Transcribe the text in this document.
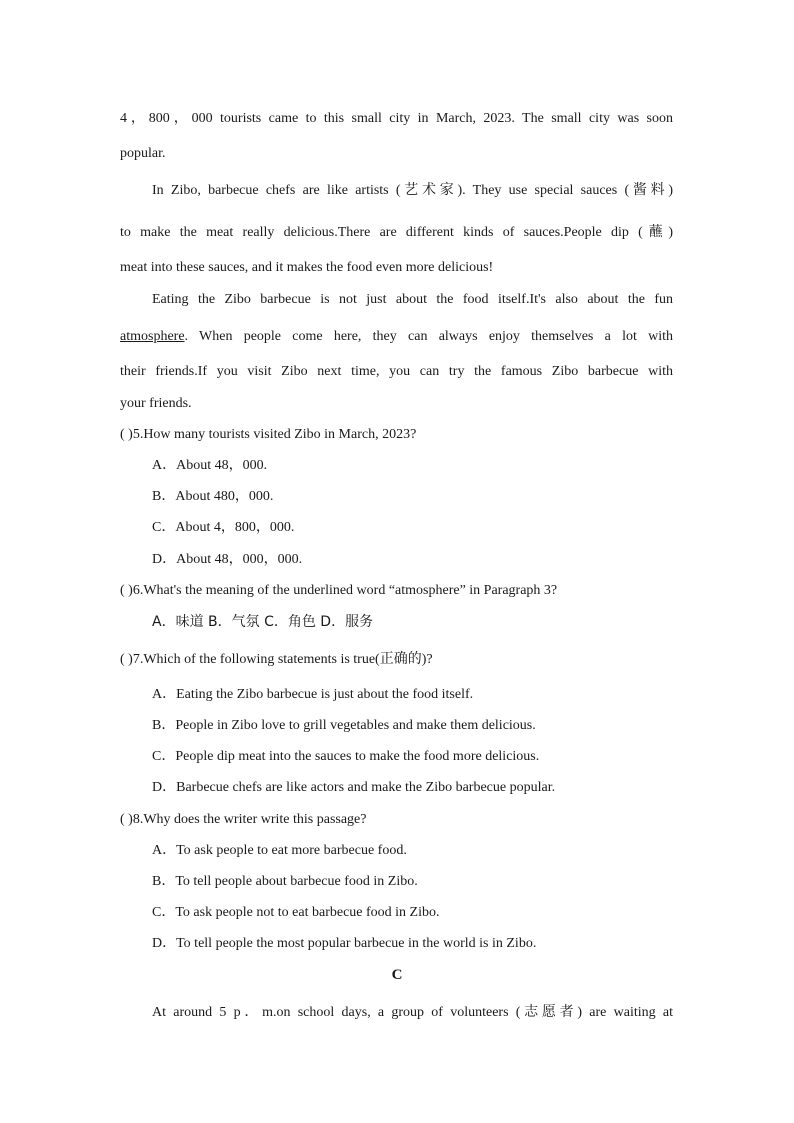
4，800，000 tourists came to this small city in March, 2023. The small city was soon
popular.
In Zibo, barbecue chefs are like artists (艺术家). They use special sauces (酱料)
to make the meat really delicious.There are different kinds of sauces.People dip (蘸)
meat into these sauces, and it makes the food even more delicious!
Eating the Zibo barbecue is not just about the food itself.It's also about the fun
atmosphere. When people come here, they can always enjoy themselves a lot with
their friends.If you visit Zibo next time, you can try the famous Zibo barbecue with
your friends.
( )5.How many tourists visited Zibo in March, 2023?
A．About 48，000.
B．About 480，000.
C．About 4，800，000.
D．About 48，000，000.
( )6.What's the meaning of the underlined word “atmosphere” in Paragraph 3?
A．味道 B．气氛 C．角色 D．服务
( )7.Which of the following statements is true(正确的)?
A．Eating the Zibo barbecue is just about the food itself.
B．People in Zibo love to grill vegetables and make them delicious.
C．People dip meat into the sauces to make the food more delicious.
D．Barbecue chefs are like actors and make the Zibo barbecue popular.
( )8.Why does the writer write this passage?
A．To ask people to eat more barbecue food.
B．To tell people about barbecue food in Zibo.
C．To ask people not to eat barbecue food in Zibo.
D．To tell people the most popular barbecue in the world is in Zibo.
C
At around 5 p．m.on school days, a group of volunteers (志愿者) are waiting at
